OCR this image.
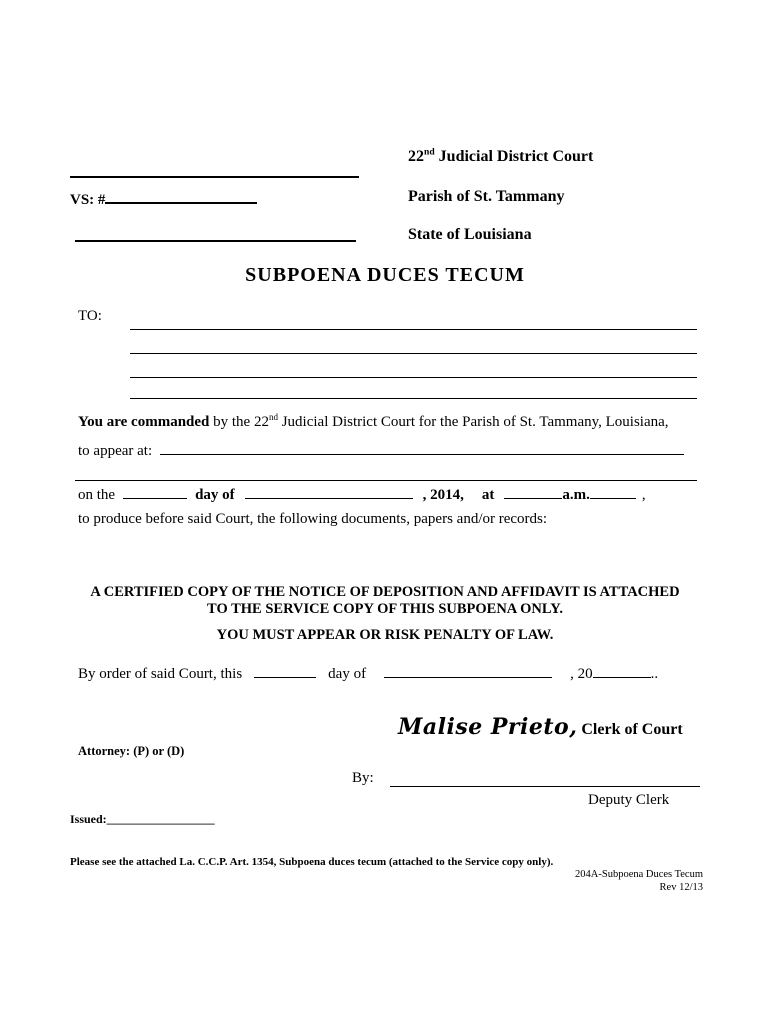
VS: #
22nd Judicial District Court
Parish of St. Tammany
State of Louisiana
SUBPOENA DUCES TECUM
TO:
You are commanded by the 22nd Judicial District Court for the Parish of St. Tammany, Louisiana,
to appear at:
on the	day of	, 2014, at	a.m.	,
to produce before said Court, the following documents, papers and/or records:
A CERTIFIED COPY OF THE NOTICE OF DEPOSITION AND AFFIDAVIT IS ATTACHED
TO THE SERVICE COPY OF THIS SUBPOENA ONLY.
YOU MUST APPEAR OR RISK PENALTY OF LAW.
By order of said Court, this	day of	, 20	..
Malise Prieto, Clerk of Court
Attorney: (P) or (D)
By:
Deputy Clerk
Issued:__________________
Please see the attached La. C.C.P. Art. 1354, Subpoena duces tecum (attached to the Service copy only).
204A-Subpoena Duces Tecum
Rev 12/13
